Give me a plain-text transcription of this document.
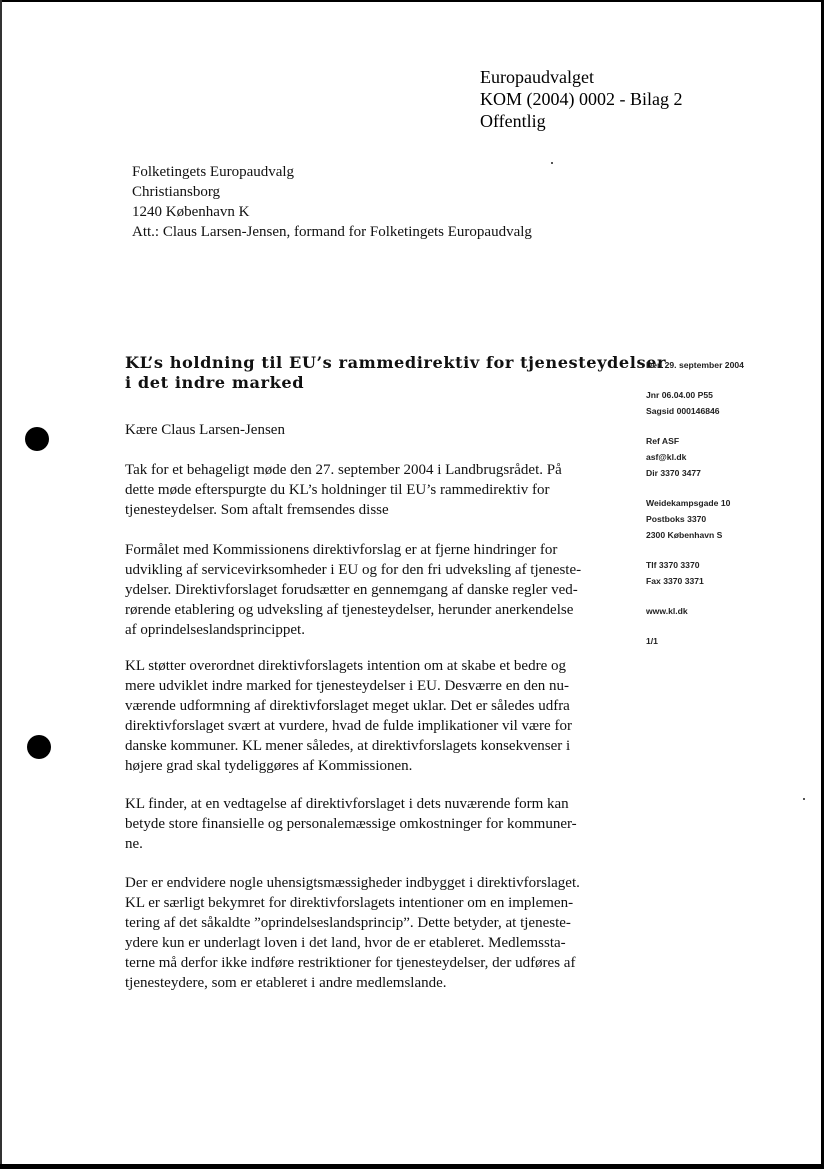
Europaudvalget
KOM (2004) 0002 - Bilag 2
Offentlig
Folketingets Europaudvalg
Christiansborg
1240 København K
Att.: Claus Larsen-Jensen, formand for Folketingets Europaudvalg
KL’s holdning til EU’s rammedirektiv for tjenesteydelser
i det indre marked
Den 29. september 2004
Jnr 06.04.00 P55
Sagsid 000146846
Ref ASF
asf@kl.dk
Dir 3370 3477
Weidekampsgade 10
Postboks 3370
2300 København S
Tlf 3370 3370
Fax 3370 3371
www.kl.dk
1/1
Kære Claus Larsen-Jensen
Tak for et behageligt møde den 27. september 2004 i Landbrugsrådet. På
dette møde efterspurgte du KL’s holdninger til EU’s rammedirektiv for
tjenesteydelser. Som aftalt fremsendes disse
Formålet med Kommissionens direktivforslag er at fjerne hindringer for
udvikling af servicevirksomheder i EU og for den fri udveksling af tjeneste-
ydelser. Direktivforslaget forudsætter en gennemgang af danske regler ved-
rørende etablering og udveksling af tjenesteydelser, herunder anerkendelse
af oprindelseslandsprincippet.
KL støtter overordnet direktivforslagets intention om at skabe et bedre og
mere udviklet indre marked for tjenesteydelser i EU. Desværre en den nu-
værende udformning af direktivforslaget meget uklar. Det er således udfra
direktivforslaget svært at vurdere, hvad de fulde implikationer vil være for
danske kommuner. KL mener således, at direktivforslagets konsekvenser i
højere grad skal tydeliggøres af Kommissionen.
KL finder, at en vedtagelse af direktivforslaget i dets nuværende form kan
betyde store finansielle og personalemæssige omkostninger for kommuner-
ne.
Der er endvidere nogle uhensigtsmæssigheder indbygget i direktivforslaget.
KL er særligt bekymret for direktivforslagets intentioner om en implemen-
tering af det såkaldte ”oprindelseslandsprincip”. Dette betyder, at tjeneste-
ydere kun er underlagt loven i det land, hvor de er etableret. Medlemssta-
terne må derfor ikke indføre restriktioner for tjenesteydelser, der udføres af
tjenesteydere, som er etableret i andre medlemslande.
